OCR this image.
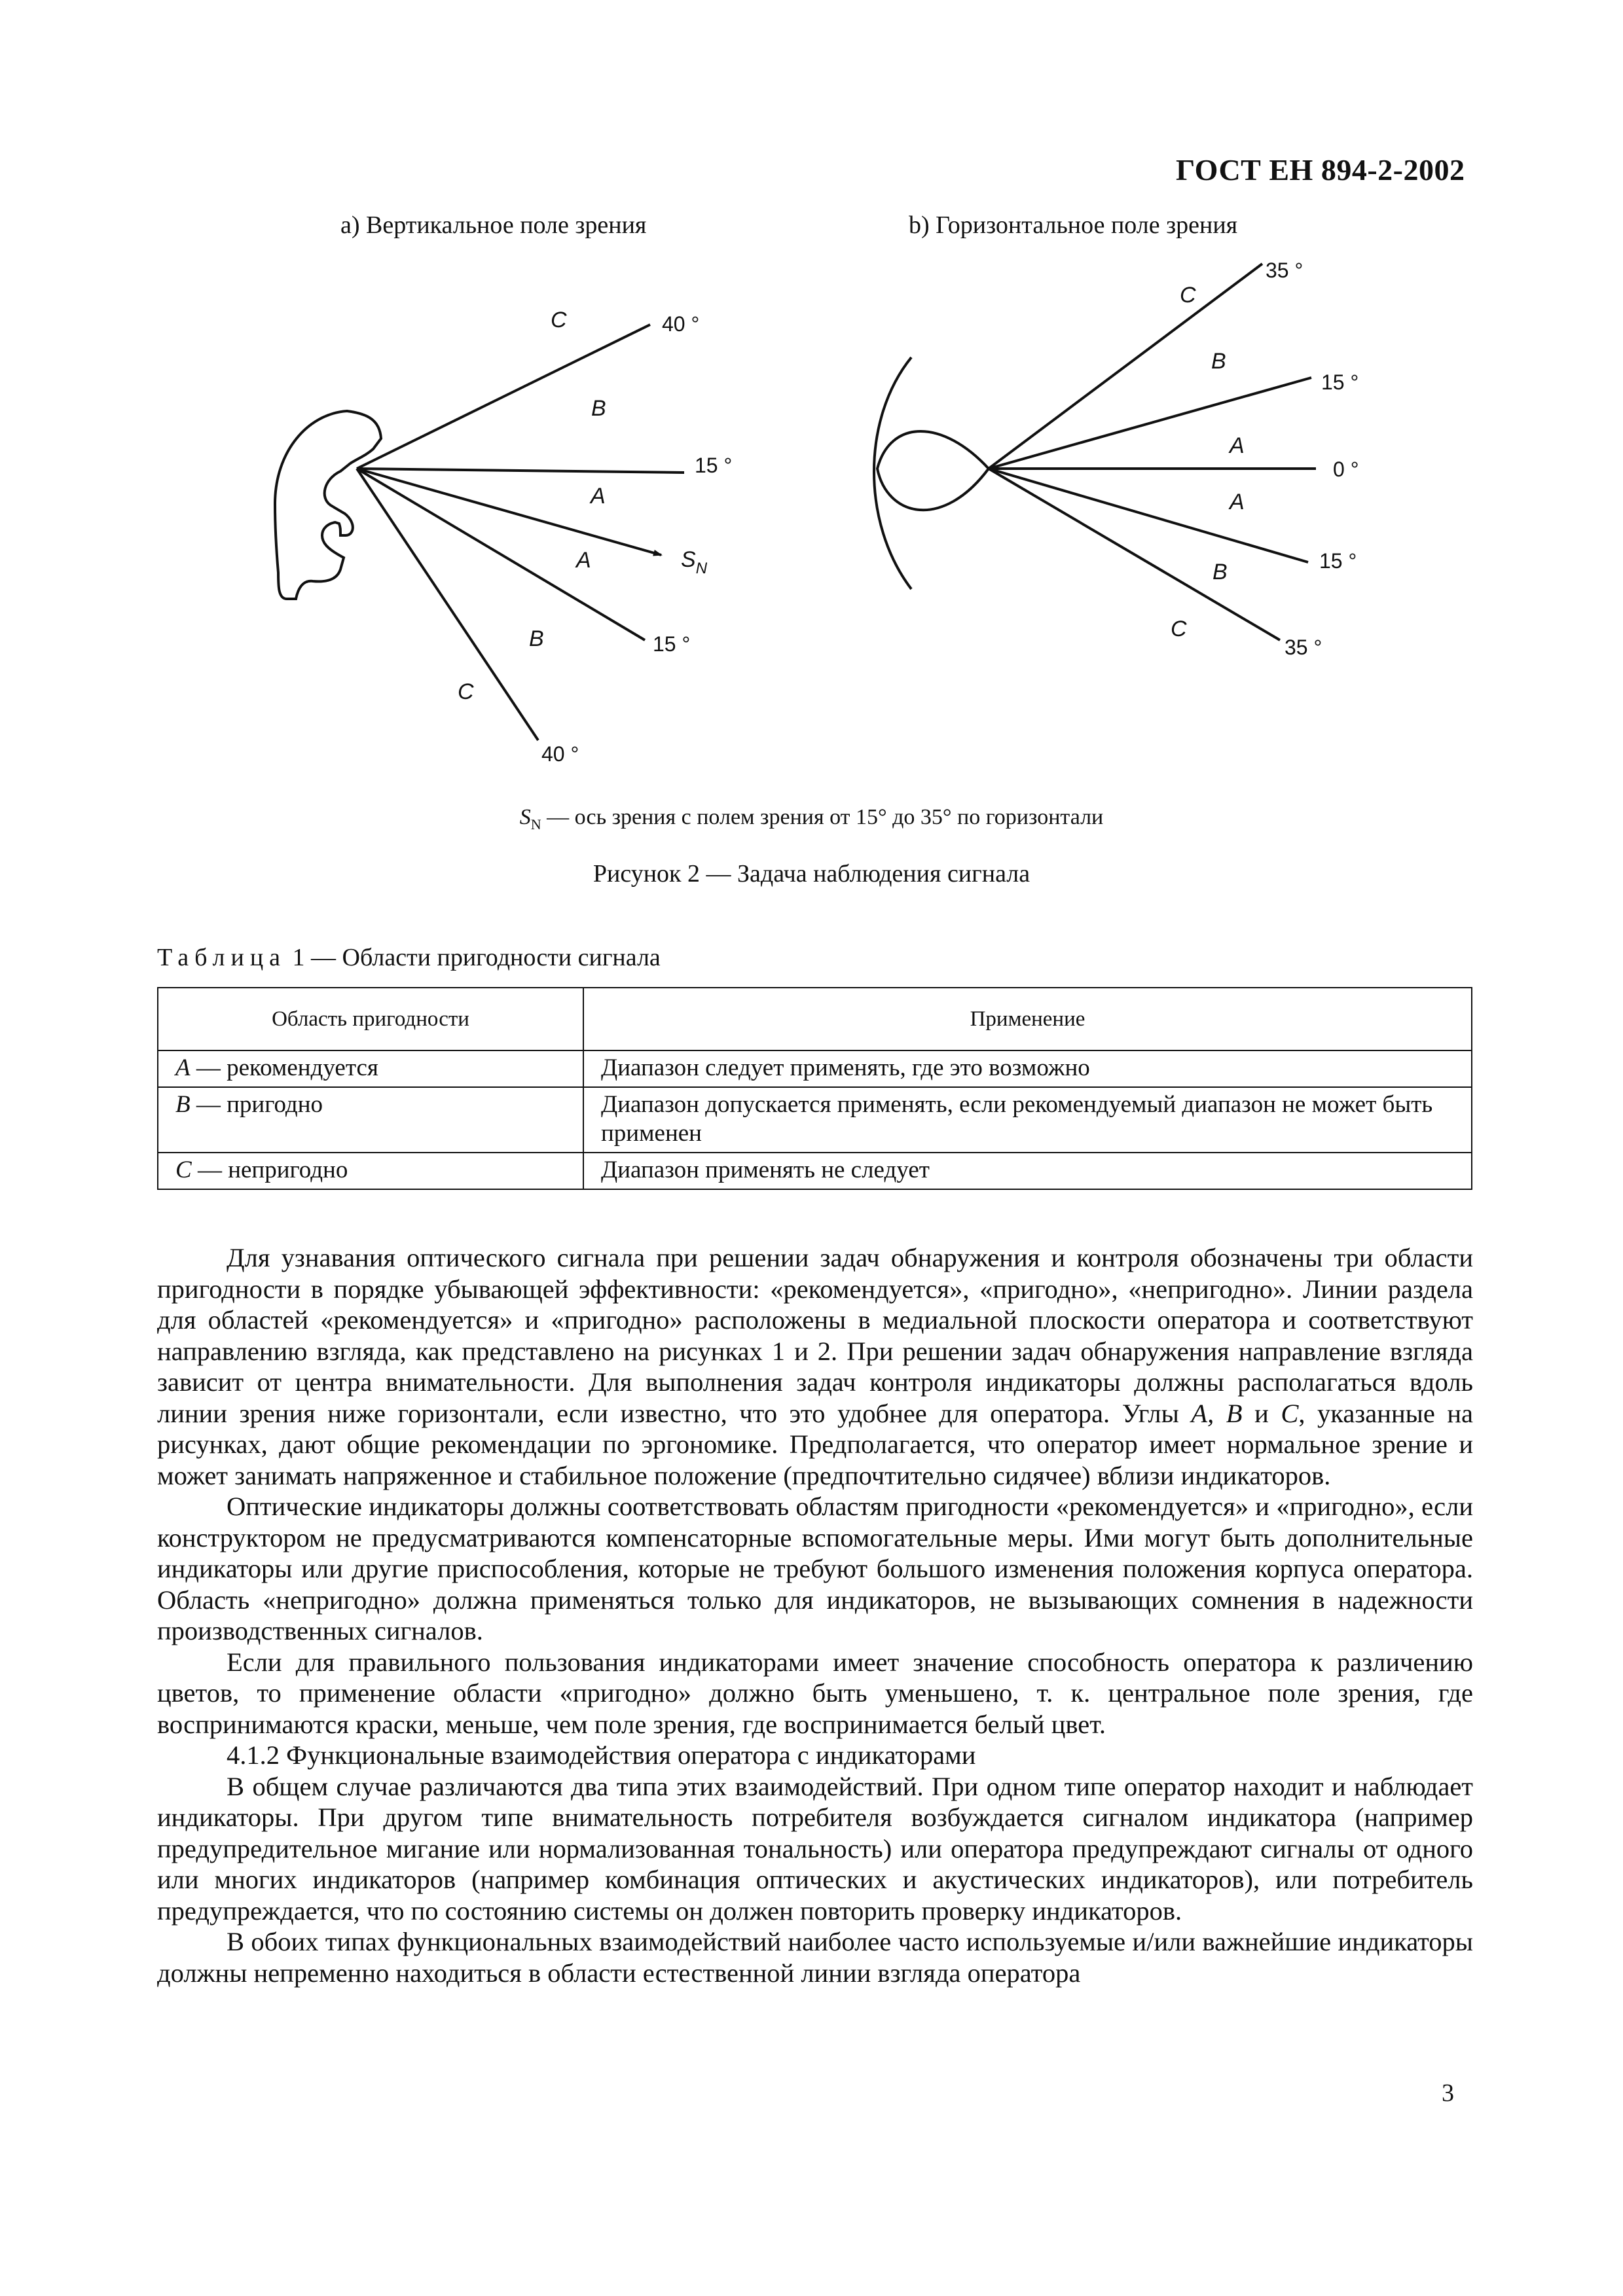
ГОСТ ЕН 894-2-2002
а) Вертикальное поле зрения	b) Горизонтальное поле зрения
C	40 °
B
15 °
A
$S_N$
A
B	15 °
C
40 °
35 °
C
B
15 °
A
0 °
A
B	15 °
C
35 °
$S_N$ — ось зрения с полем зрения от 15° до 35° по горизонтали
Рисунок 2 — Задача наблюдения сигнала
Таблица 1 — Области пригодности сигнала
Область пригодности	Применение
A — рекомендуется	Диапазон следует применять, где это возможно
B — пригодно	Диапазон допускается применять, если рекомендуемый диапазон не может быть применен
C — непригодно	Диапазон применять не следует

Для узнавания оптического сигнала при решении задач обнаружения и контроля обозначены три области пригодности в порядке убывающей эффективности: «рекомендуется», «пригодно», «непригодно». Линии раздела для областей «рекомендуется» и «пригодно» расположены в медиальной плоскости оператора и соответствуют направлению взгляда, как представлено на рисунках 1 и 2. При решении задач обнаружения направление взгляда зависит от центра внимательности. Для выполнения задач контроля индикаторы должны располагаться вдоль линии зрения ниже горизонтали, если известно, что это удобнее для оператора. Углы A, B и C, указанные на рисунках, дают общие рекомендации по эргономике. Предполагается, что оператор имеет нормальное зрение и может занимать напряженное и стабильное положение (предпочтительно сидячее) вблизи индикаторов.

Оптические индикаторы должны соответствовать областям пригодности «рекомендуется» и «пригодно», если конструктором не предусматриваются компенсаторные вспомогательные меры. Ими могут быть дополнительные индикаторы или другие приспособления, которые не требуют большого изменения положения корпуса оператора. Область «непригодно» должна применяться только для индикаторов, не вызывающих сомнения в надежности производственных сигналов.

Если для правильного пользования индикаторами имеет значение способность оператора к различению цветов, то применение области «пригодно» должно быть уменьшено, т. к. центральное поле зрения, где воспринимаются краски, меньше, чем поле зрения, где воспринимается белый цвет.

4.1.2 Функциональные взаимодействия оператора с индикаторами

В общем случае различаются два типа этих взаимодействий. При одном типе оператор находит и наблюдает индикаторы. При другом типе внимательность потребителя возбуждается сигналом индикатора (например предупредительное мигание или нормализованная тональность) или оператора предупреждают сигналы от одного или многих индикаторов (например комбинация оптических и акустических индикаторов), или потребитель предупреждается, что по состоянию системы он должен повторить проверку индикаторов.

В обоих типах функциональных взаимодействий наиболее часто используемые и/или важнейшие индикаторы должны непременно находиться в области естественной линии взгляда оператора

3
